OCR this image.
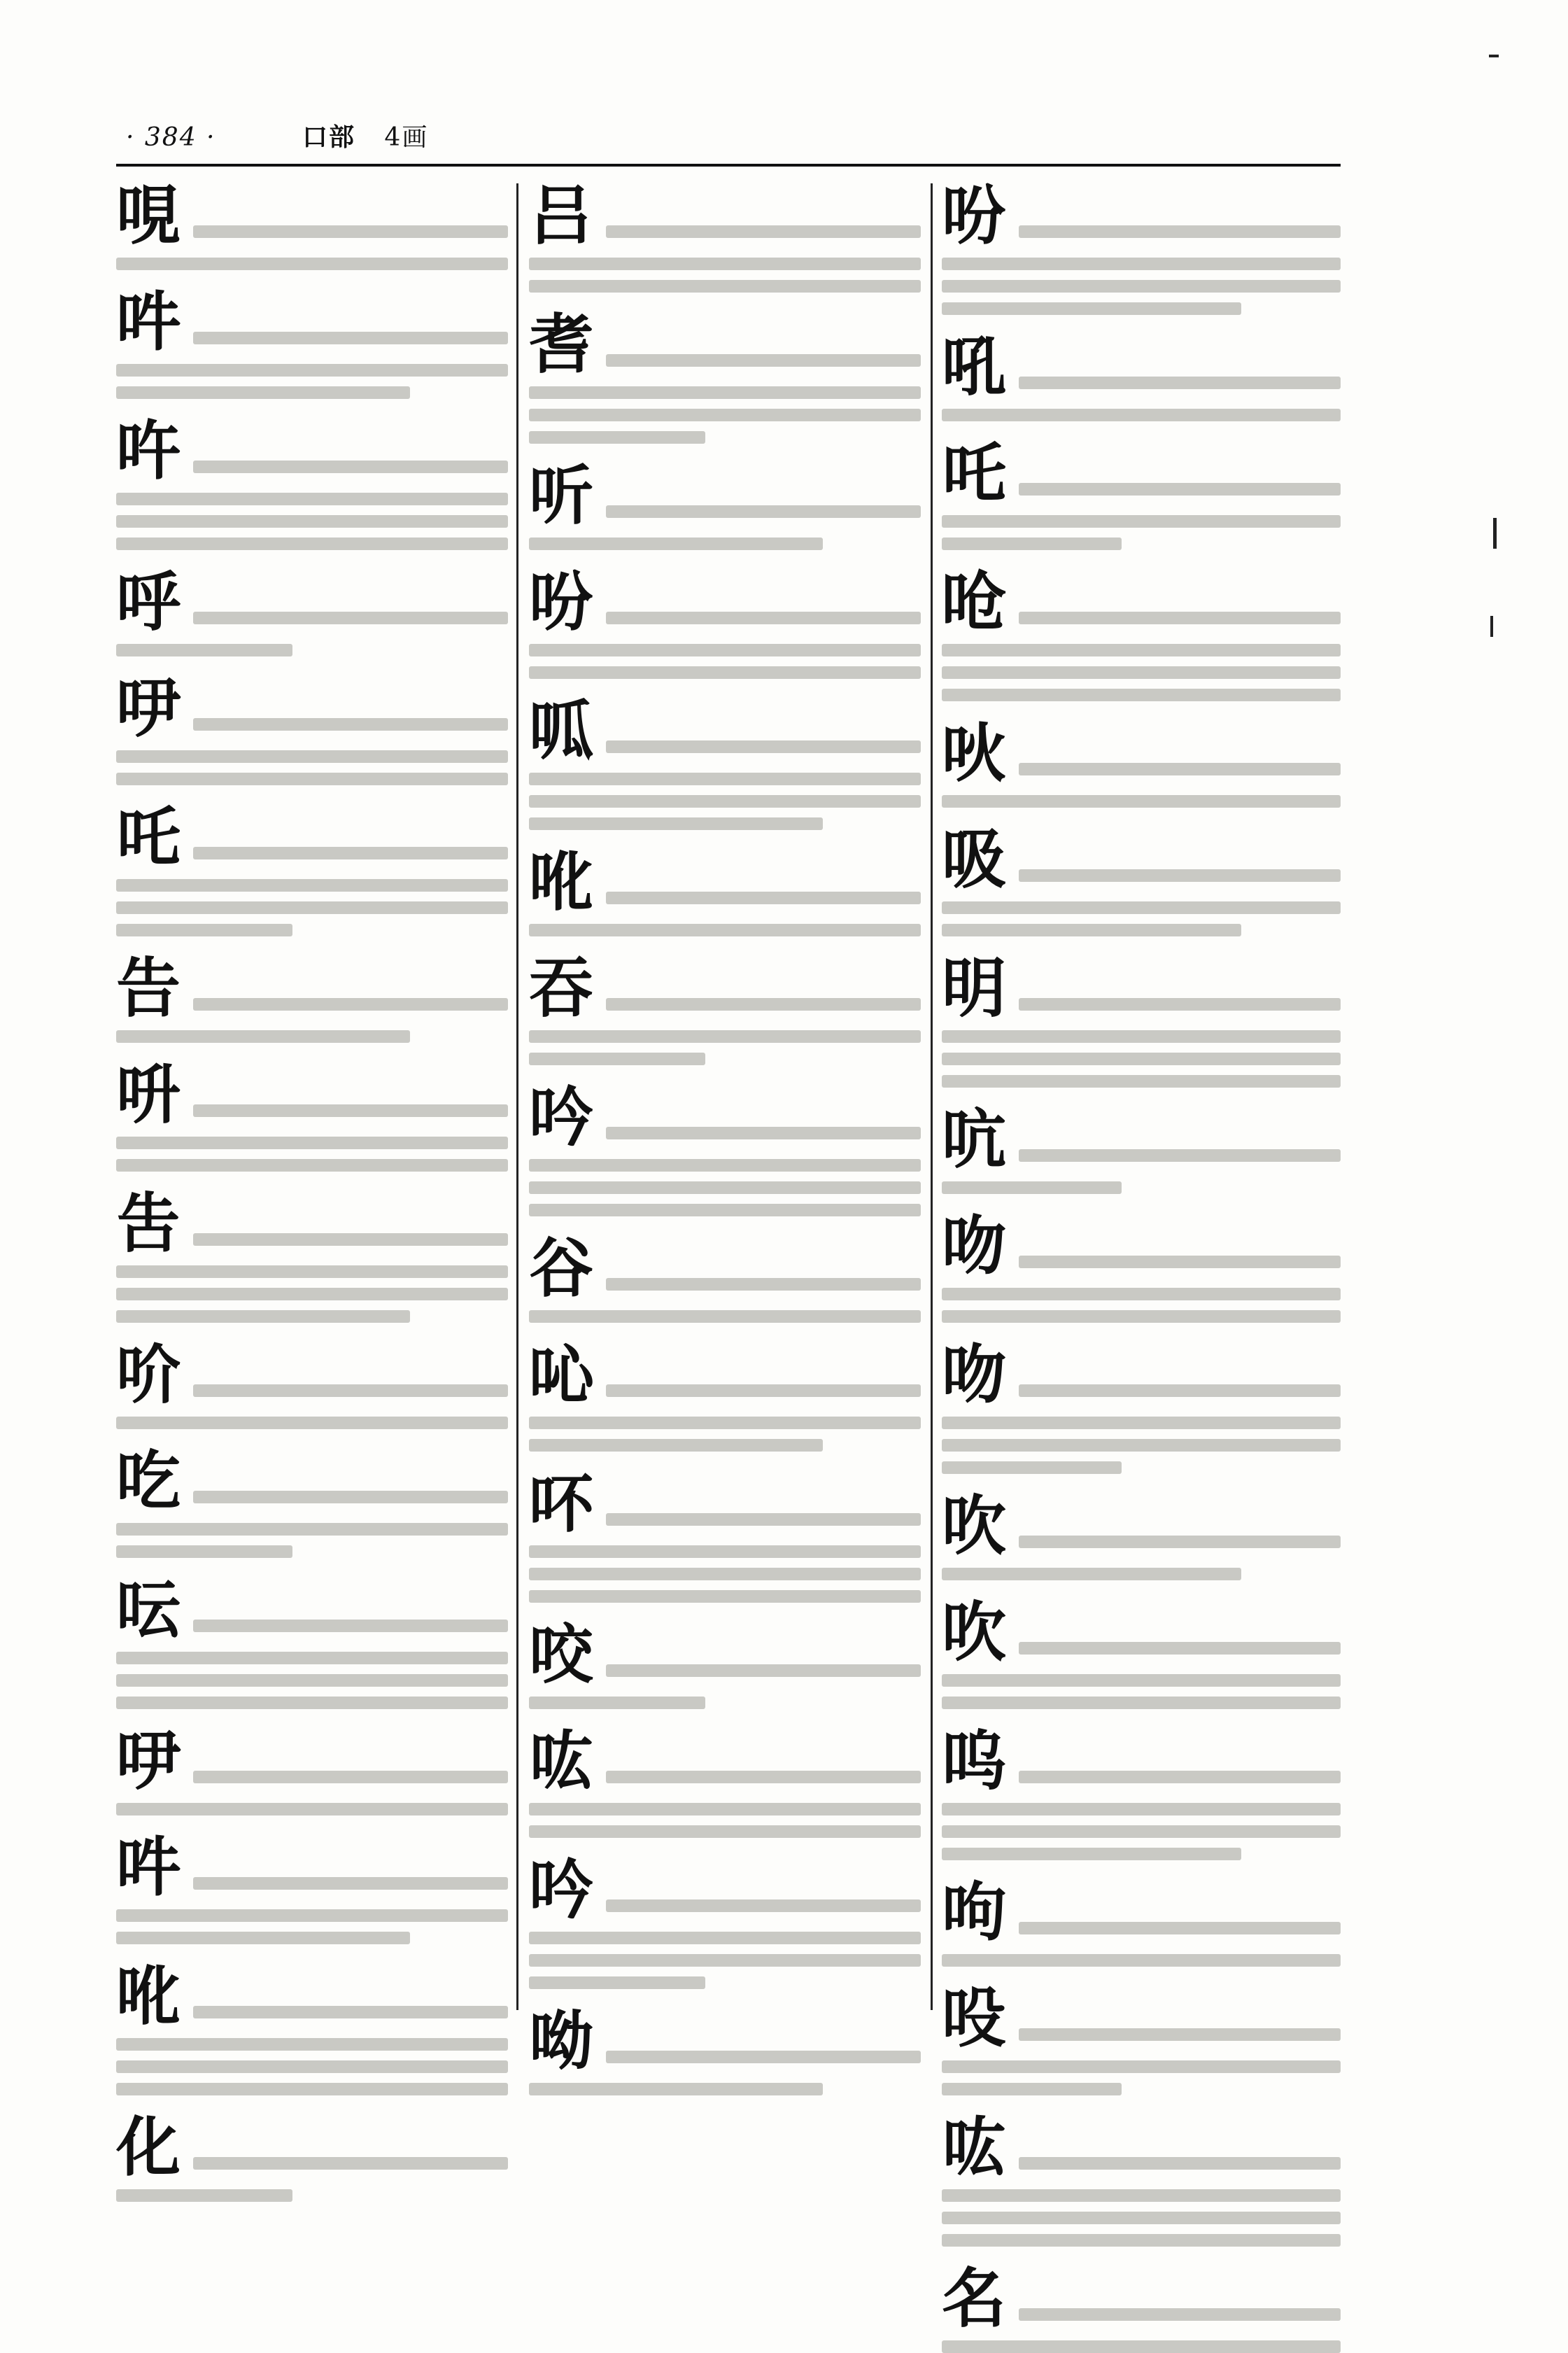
· 384 ·	口部 4画
哯
吽
吘
呼
吚
吒
告
呏
吿
吤
吃
呍
吚
吽
吪
化
吕
㖈
听
吩
呱
吪
吞
吟
谷
吣
吥
咬
吰
吟
呦
吩
吼
吒
呛
吙
吸
明
吭
吻
吻
吹
吹
呜
呴
吺
吰
名
